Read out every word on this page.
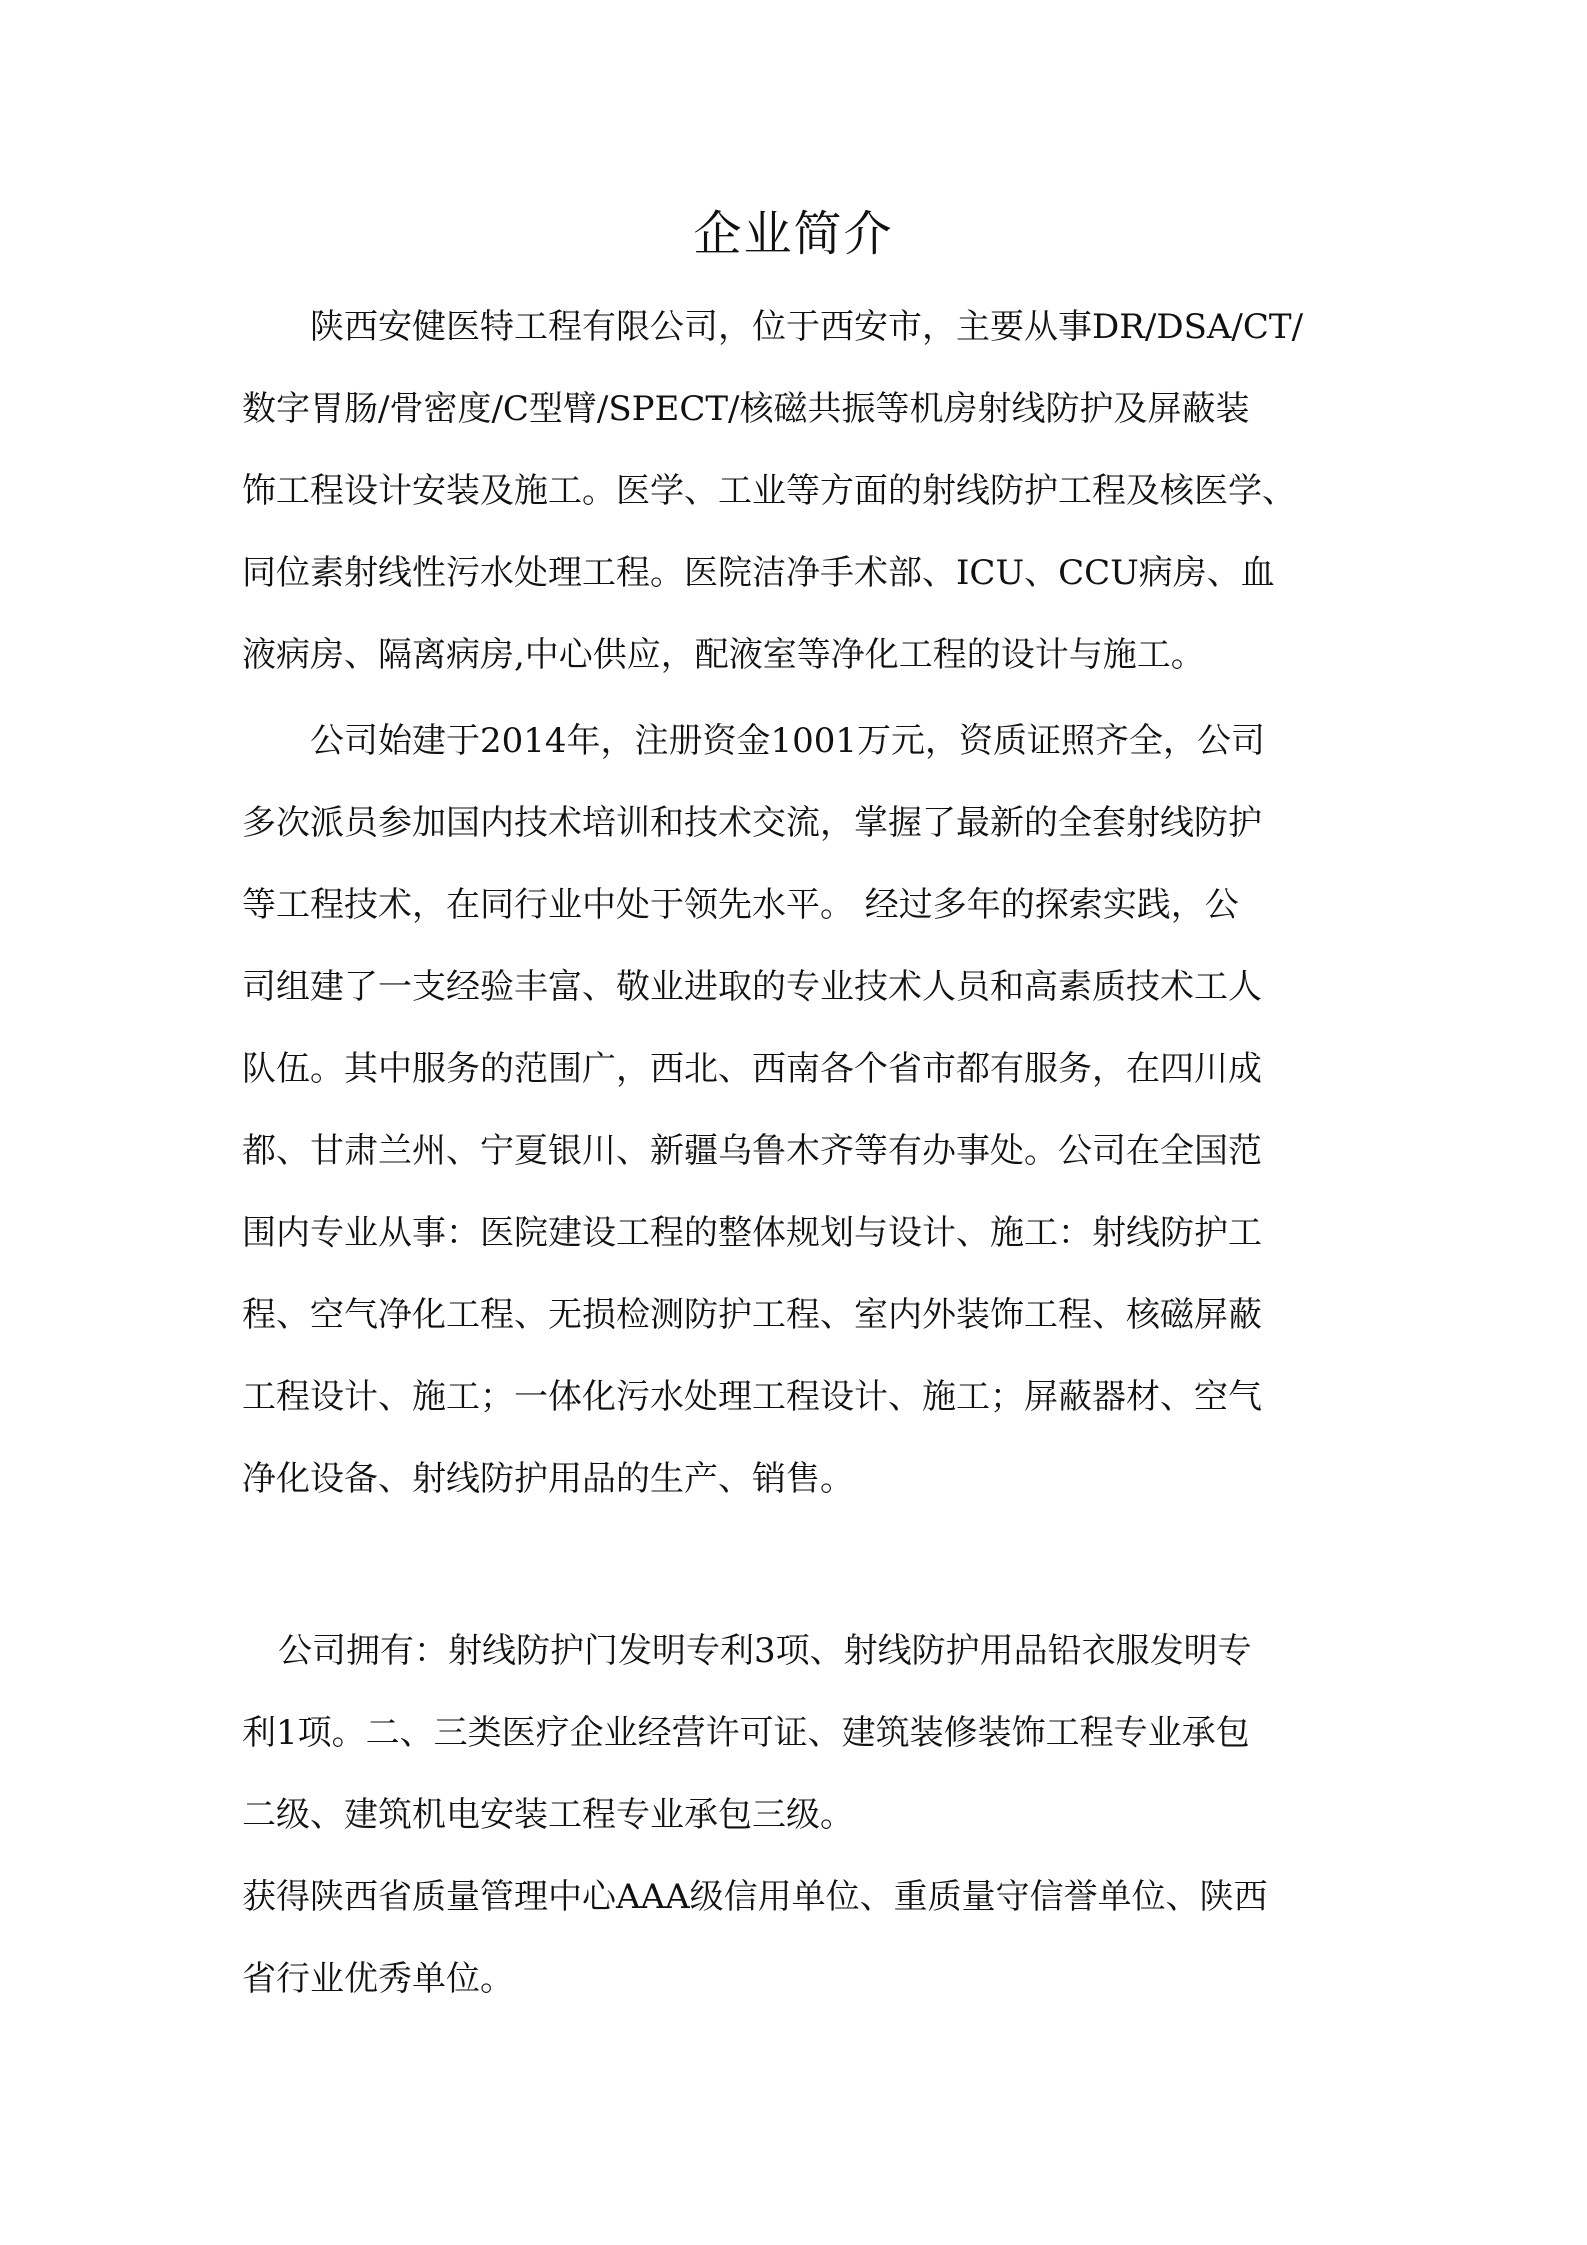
企业简介
陕西安健医特工程有限公司，位于西安市，主要从事DR/DSA/CT/
数字胃肠/骨密度/C型臂/SPECT/核磁共振等机房射线防护及屏蔽装
饰工程设计安装及施工。医学、工业等方面的射线防护工程及核医学、
同位素射线性污水处理工程。医院洁净手术部、ICU、CCU病房、血
液病房、隔离病房,中心供应，配液室等净化工程的设计与施工。
公司始建于2014年，注册资金1001万元，资质证照齐全，公司
多次派员参加国内技术培训和技术交流，掌握了最新的全套射线防护
等工程技术，在同行业中处于领先水平。 经过多年的探索实践，公
司组建了一支经验丰富、敬业进取的专业技术人员和高素质技术工人
队伍。其中服务的范围广，西北、西南各个省市都有服务，在四川成
都、甘肃兰州、宁夏银川、新疆乌鲁木齐等有办事处。公司在全国范
围内专业从事：医院建设工程的整体规划与设计、施工：射线防护工
程、空气净化工程、无损检测防护工程、室内外装饰工程、核磁屏蔽
工程设计、施工；一体化污水处理工程设计、施工；屏蔽器材、空气
净化设备、射线防护用品的生产、销售。
公司拥有：射线防护门发明专利3项、射线防护用品铅衣服发明专
利1项。二、三类医疗企业经营许可证、建筑装修装饰工程专业承包
二级、建筑机电安装工程专业承包三级。
获得陕西省质量管理中心AAA级信用单位、重质量守信誉单位、陕西
省行业优秀单位。
